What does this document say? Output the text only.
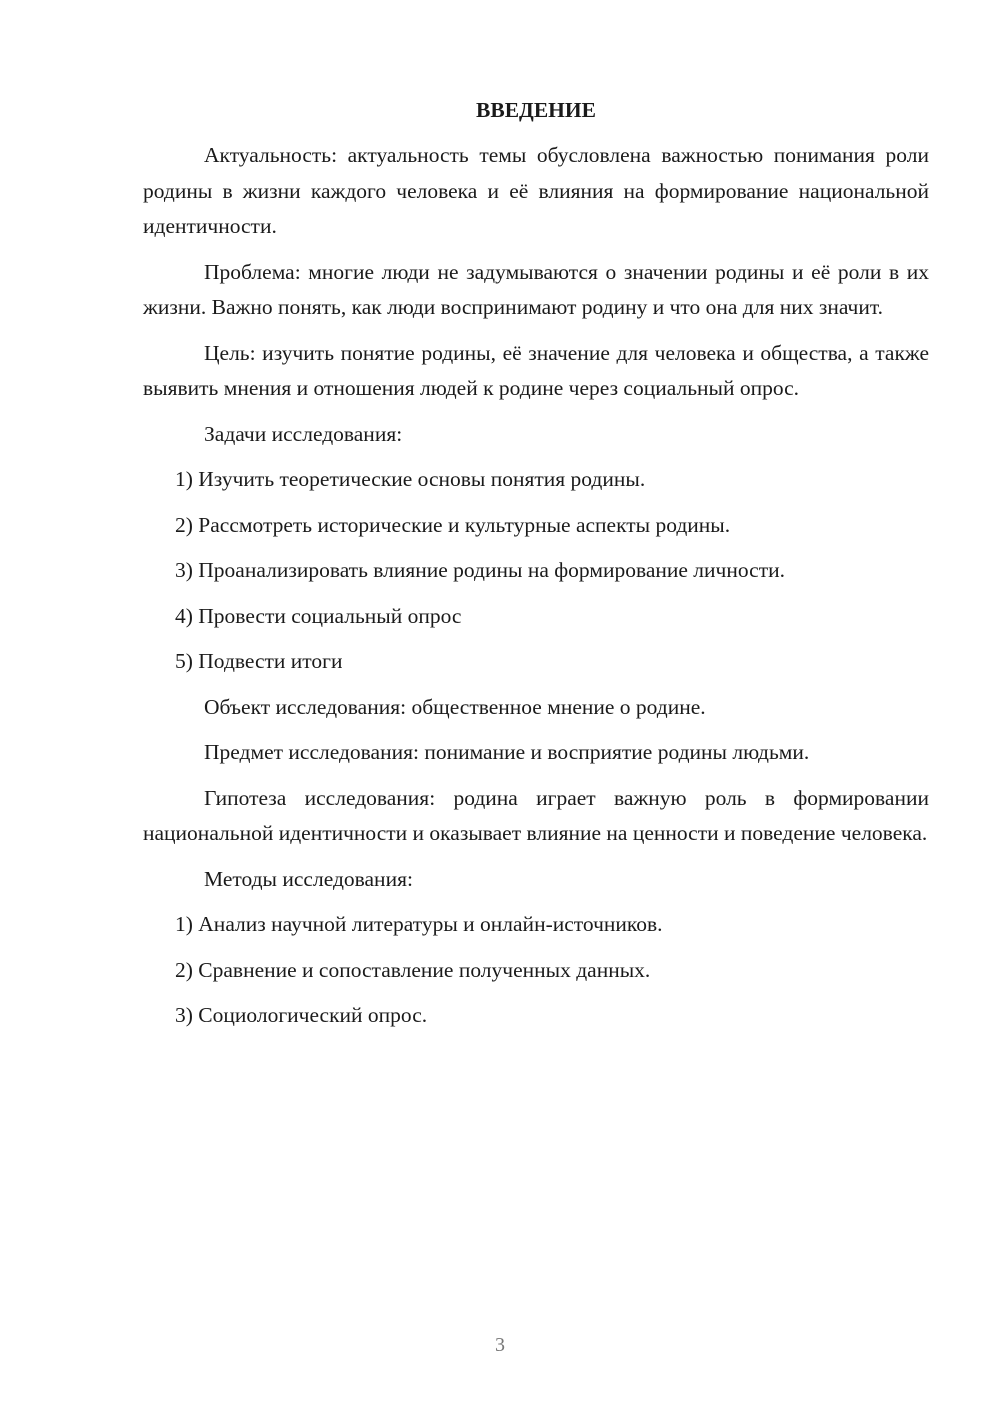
ВВЕДЕНИЕ

Актуальность: актуальность темы обусловлена важностью понимания роли родины в жизни каждого человека и её влияния на формирование национальной идентичности.

Проблема: многие люди не задумываются о значении родины и её роли в их жизни. Важно понять, как люди воспринимают родину и что она для них значит.

Цель: изучить понятие родины, её значение для человека и общества, а также выявить мнения и отношения людей к родине через социальный опрос.

Задачи исследования:

1) Изучить теоретические основы понятия родины.

2) Рассмотреть исторические и культурные аспекты родины.

3) Проанализировать влияние родины на формирование личности.

4) Провести социальный опрос

5) Подвести итоги

Объект исследования: общественное мнение о родине.

Предмет исследования: понимание и восприятие родины людьми.

Гипотеза исследования: родина играет важную роль в формировании национальной идентичности и оказывает влияние на ценности и поведение человека.

Методы исследования:

1) Анализ научной литературы и онлайн-источников.

2) Сравнение и сопоставление полученных данных.

3) Социологический опрос.

3
